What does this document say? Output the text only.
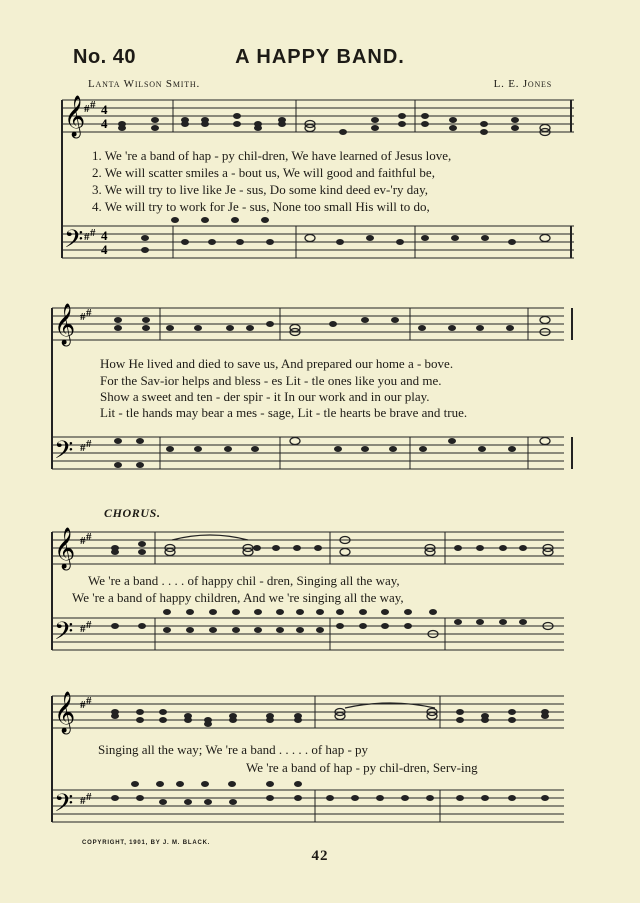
No. 40	A HAPPY BAND.
Lanta Wilson Smith.	L. E. Jones
𝄞
𝄢
# # 4
4
# # 4
4
𝄞
𝄢
# #
# #
𝄞
𝄢
# #
# #
𝄞
𝄢
# #
# #
1. We 're a band of hap - py chil-dren, We have learned of Jesus love,
2. We will scatter smiles a - bout us, We will good and faithful be,
3. We will try to live like Je - sus, Do some kind deed ev-'ry day,
4. We will try to work for Je - sus, None too small His will to do,
How He lived and died to save us, And prepared our home a - bove.
For the Sav-ior helps and bless - es Lit - tle ones like you and me.
Show a sweet and ten - der spir - it In our work and in our play.
Lit - tle hands may bear a mes - sage, Lit - tle hearts be brave and true.
CHORUS.
We 're a band . . . . of happy chil - dren, Singing all the way,
We 're a band of happy children, And we 're singing all the way,
Singing all the way; We 're a band . . . . . of hap - py
We 're a band of hap - py chil-dren, Serv-ing
COPYRIGHT, 1901, BY J. M. BLACK.
42
